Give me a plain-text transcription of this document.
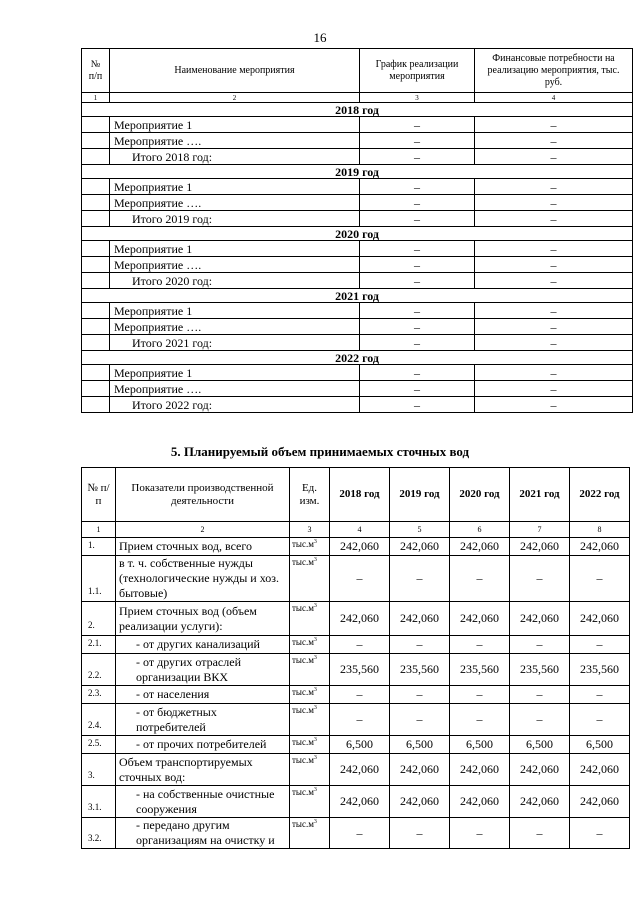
16
№ п/п	Наименование мероприятия	График реализации мероприятия	Финансовые потребности на реализацию мероприятия, тыс. руб.
1	2	3	4
2018 год			
	Мероприятие 1	–	–
	Мероприятие ….	–	–
	Итого 2018 год:	–	–
2019 год			
	Мероприятие 1	–	–
	Мероприятие ….	–	–
	Итого 2019 год:	–	–
2020 год			
	Мероприятие 1	–	–
	Мероприятие ….	–	–
	Итого 2020 год:	–	–
2021 год			
	Мероприятие 1	–	–
	Мероприятие ….	–	–
	Итого 2021 год:	–	–
2022 год			
	Мероприятие 1	–	–
	Мероприятие ….	–	–
	Итого 2022 год:	–	–
5. Планируемый объем принимаемых сточных вод
№ п/п	Показатели производственной деятельности	Ед. изм.	2018 год	2019 год	2020 год	2021 год	2022 год
1	2	3	4	5	6	7	8
1.	Прием сточных вод, всего	$тыс.м^3$	242,060	242,060	242,060	242,060	242,060
1.1.	в т. ч. собственные нужды (технологические нужды и хоз. бытовые)	$тыс.м^3$	–	–	–	–	–
2.	Прием сточных вод (объем реализации услуги):	$тыс.м^3$	242,060	242,060	242,060	242,060	242,060
2.1.	- от других канализаций	$тыс.м^3$	–	–	–	–	–
2.2.	- от других отраслей организации ВКХ	$тыс.м^3$	235,560	235,560	235,560	235,560	235,560
2.3.	- от населения	$тыс.м^3$	–	–	–	–	–
2.4.	- от бюджетных потребителей	$тыс.м^3$	–	–	–	–	–
2.5.	- от прочих потребителей	$тыс.м^3$	6,500	6,500	6,500	6,500	6,500
3.	Объем транспортируемых сточных вод:	$тыс.м^3$	242,060	242,060	242,060	242,060	242,060
3.1.	- на собственные очистные сооружения	$тыс.м^3$	242,060	242,060	242,060	242,060	242,060
3.2.	- передано другим организациям на очистку и	$тыс.м^3$	–	–	–	–	–
